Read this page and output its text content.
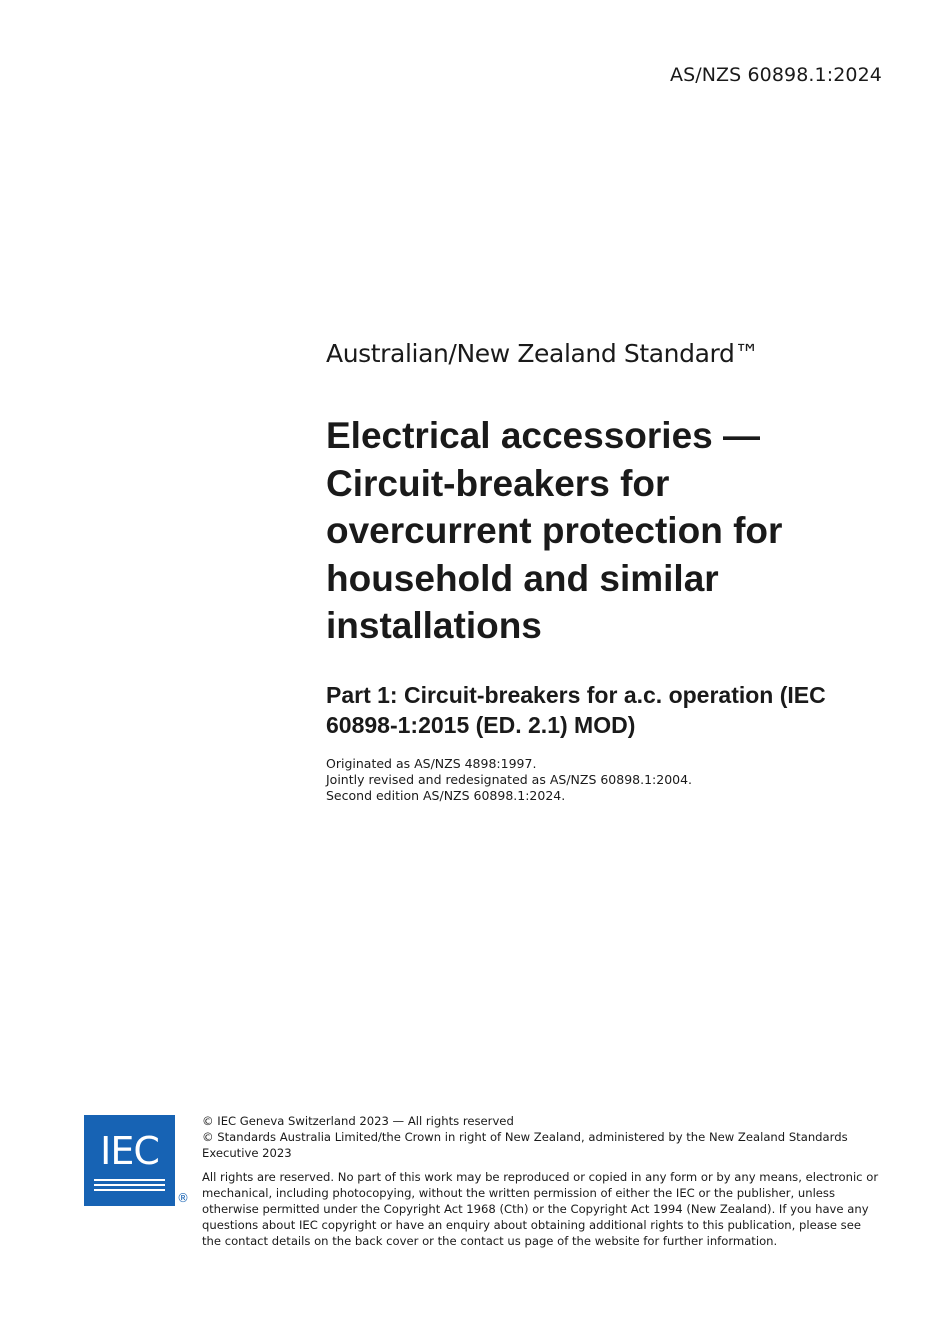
AS/NZS 60898.1:2024

Australian/New Zealand Standard™

Electrical accessories — Circuit-breakers for overcurrent protection for household and similar installations
Part 1: Circuit-breakers for a.c. operation (IEC 60898-1:2015 (ED. 2.1) MOD)
Originated as AS/NZS 4898:1997.
Jointly revised and redesignated as AS/NZS 60898.1:2004.
Second edition AS/NZS 60898.1:2024.
IEC
®
© IEC Geneva Switzerland 2023 — All rights reserved
© Standards Australia Limited/the Crown in right of New Zealand, administered by the New Zealand Standards Executive 2023
All rights are reserved. No part of this work may be reproduced or copied in any form or by any means, electronic or mechanical, including photocopying, without the written permission of either the IEC or the publisher, unless otherwise permitted under the Copyright Act 1968 (Cth) or the Copyright Act 1994 (New Zealand). If you have any questions about IEC copyright or have an enquiry about obtaining additional rights to this publication, please see the contact details on the back cover or the contact us page of the website for further information.
